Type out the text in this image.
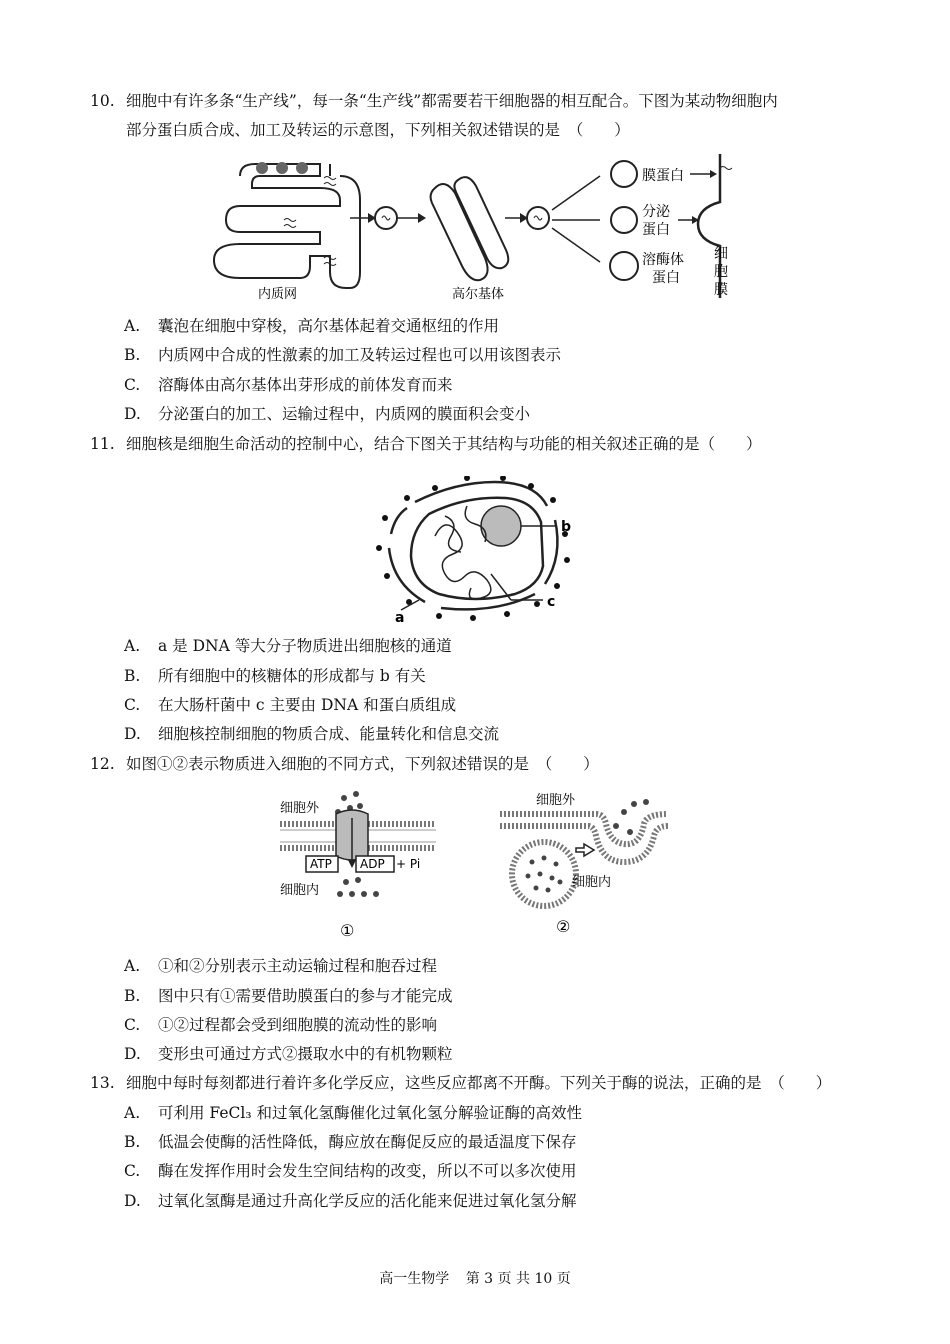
10. 细胞中有许多条“生产线”，每一条“生产线”都需要若干细胞器的相互配合。下图为某动物细胞内
部分蛋白质合成、加工及转运的示意图，下列相关叙述错误的是　（　　）
内质网	高尔基体
膜蛋白
分泌
蛋白
溶酶体
蛋白
细
胞
膜
A. 囊泡在细胞中穿梭，高尔基体起着交通枢纽的作用
B. 内质网中合成的性激素的加工及转运过程也可以用该图表示
C. 溶酶体由高尔基体出芽形成的前体发育而来
D. 分泌蛋白的加工、运输过程中，内质网的膜面积会变小
11. 细胞核是细胞生命活动的控制中心，结合下图关于其结构与功能的相关叙述正确的是（　　）
b
c
a
A. a 是 DNA 等大分子物质进出细胞核的通道
B. 所有细胞中的核糖体的形成都与 b 有关
C. 在大肠杆菌中 c 主要由 DNA 和蛋白质组成
D. 细胞核控制细胞的物质合成、能量转化和信息交流
12. 如图①②表示物质进入细胞的不同方式，下列叙述错误的是　（　　）
细胞外
ATP ADP + Pi
细胞内
①
细胞外
细胞内
②
A. ①和②分别表示主动运输过程和胞吞过程
B. 图中只有①需要借助膜蛋白的参与才能完成
C. ①②过程都会受到细胞膜的流动性的影响
D. 变形虫可通过方式②摄取水中的有机物颗粒
13. 细胞中每时每刻都进行着许多化学反应，这些反应都离不开酶。下列关于酶的说法，正确的是　（　　）
A. 可利用 FeCl₃ 和过氧化氢酶催化过氧化氢分解验证酶的高效性
B. 低温会使酶的活性降低，酶应放在酶促反应的最适温度下保存
C. 酶在发挥作用时会发生空间结构的改变，所以不可以多次使用
D. 过氧化氢酶是通过升高化学反应的活化能来促进过氧化氢分解
高一生物学 第 3 页 共 10 页
